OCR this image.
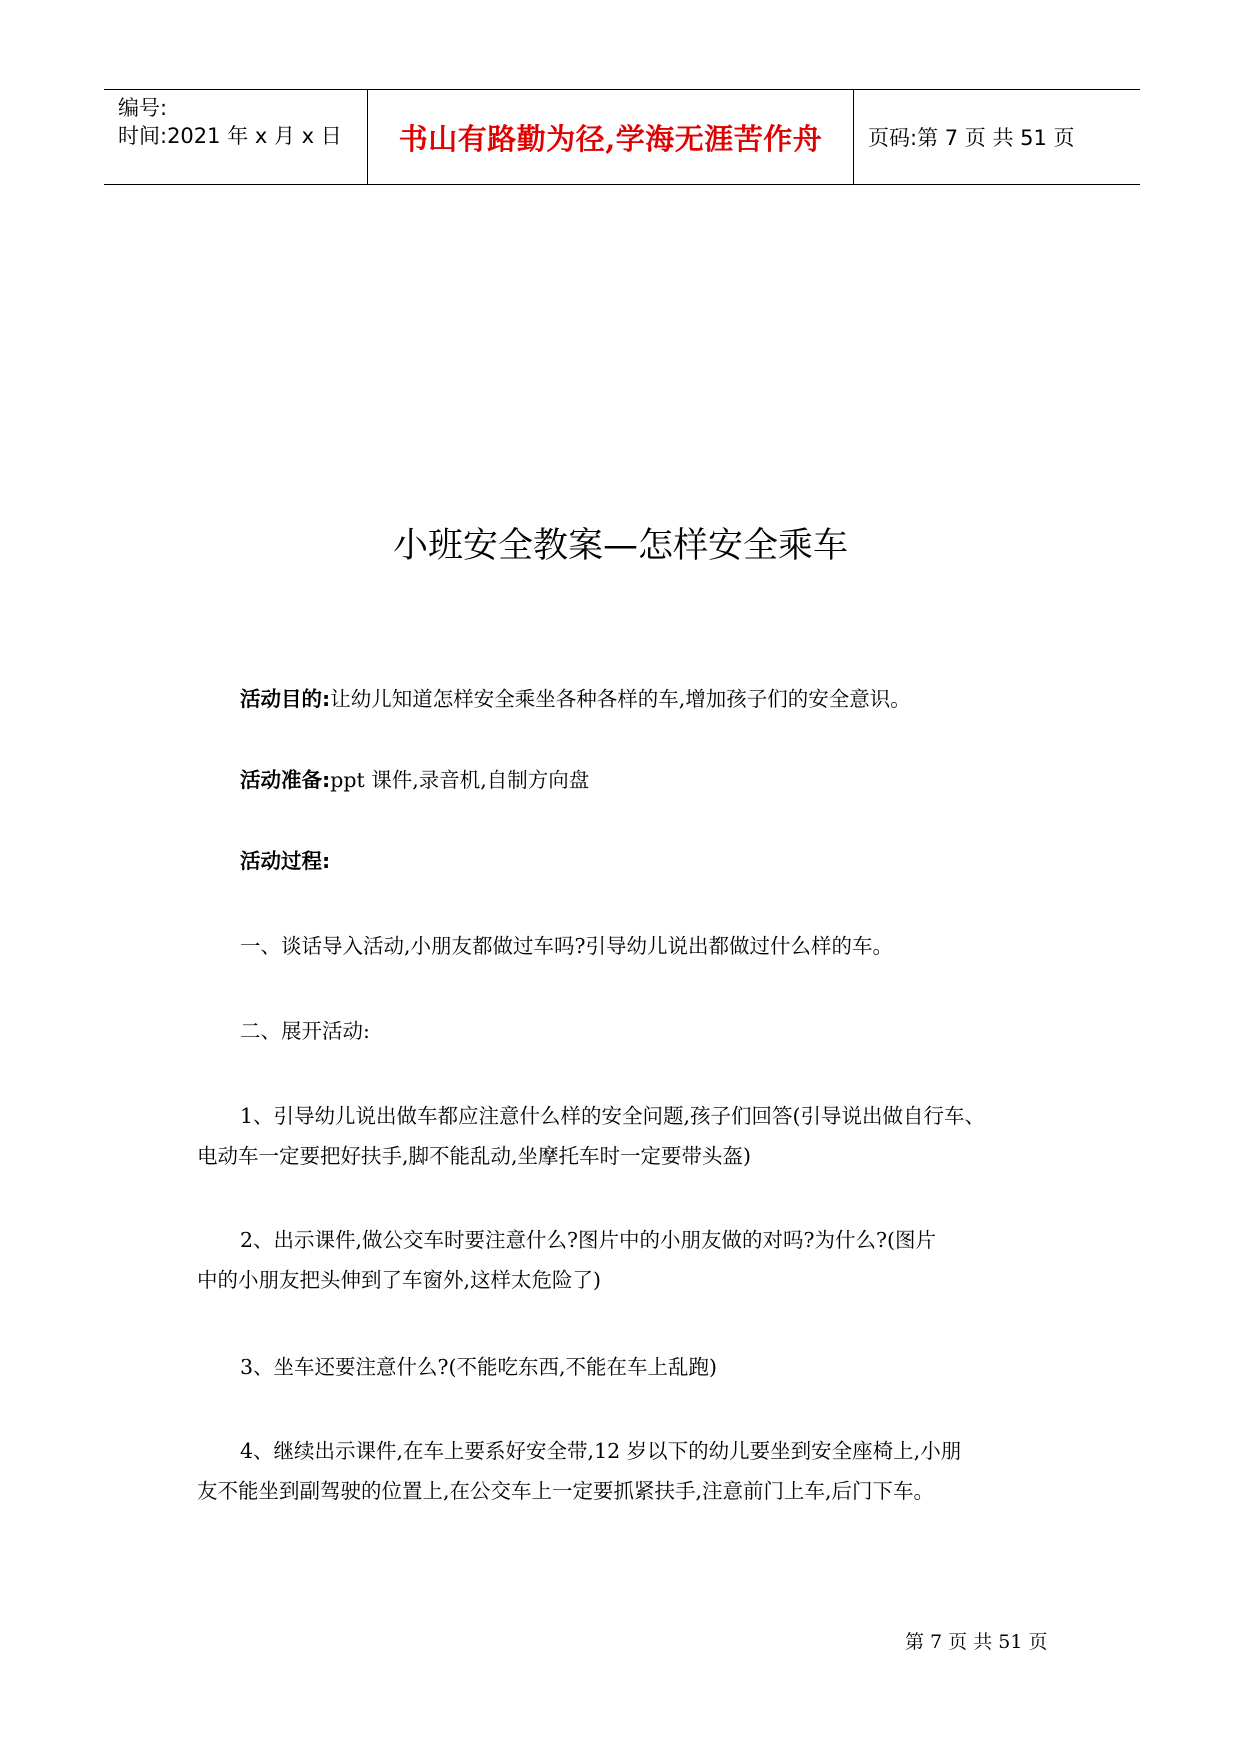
编号:
时间:2021 年 x 月 x 日	书山有路勤为径,学海无涯苦作舟	页码:第 7 页 共 51 页
小班安全教案—怎样安全乘车
活动目的:让幼儿知道怎样安全乘坐各种各样的车,增加孩子们的安全意识。
活动准备:ppt 课件,录音机,自制方向盘
活动过程:
一、谈话导入活动,小朋友都做过车吗?引导幼儿说出都做过什么样的车。
二、展开活动:
1、引导幼儿说出做车都应注意什么样的安全问题,孩子们回答(引导说出做自行车、
电动车一定要把好扶手,脚不能乱动,坐摩托车时一定要带头盔)
2、出示课件,做公交车时要注意什么?图片中的小朋友做的对吗?为什么?(图片
中的小朋友把头伸到了车窗外,这样太危险了)
3、坐车还要注意什么?(不能吃东西,不能在车上乱跑)
4、继续出示课件,在车上要系好安全带,12 岁以下的幼儿要坐到安全座椅上,小朋
友不能坐到副驾驶的位置上,在公交车上一定要抓紧扶手,注意前门上车,后门下车。
第 7 页 共 51 页
